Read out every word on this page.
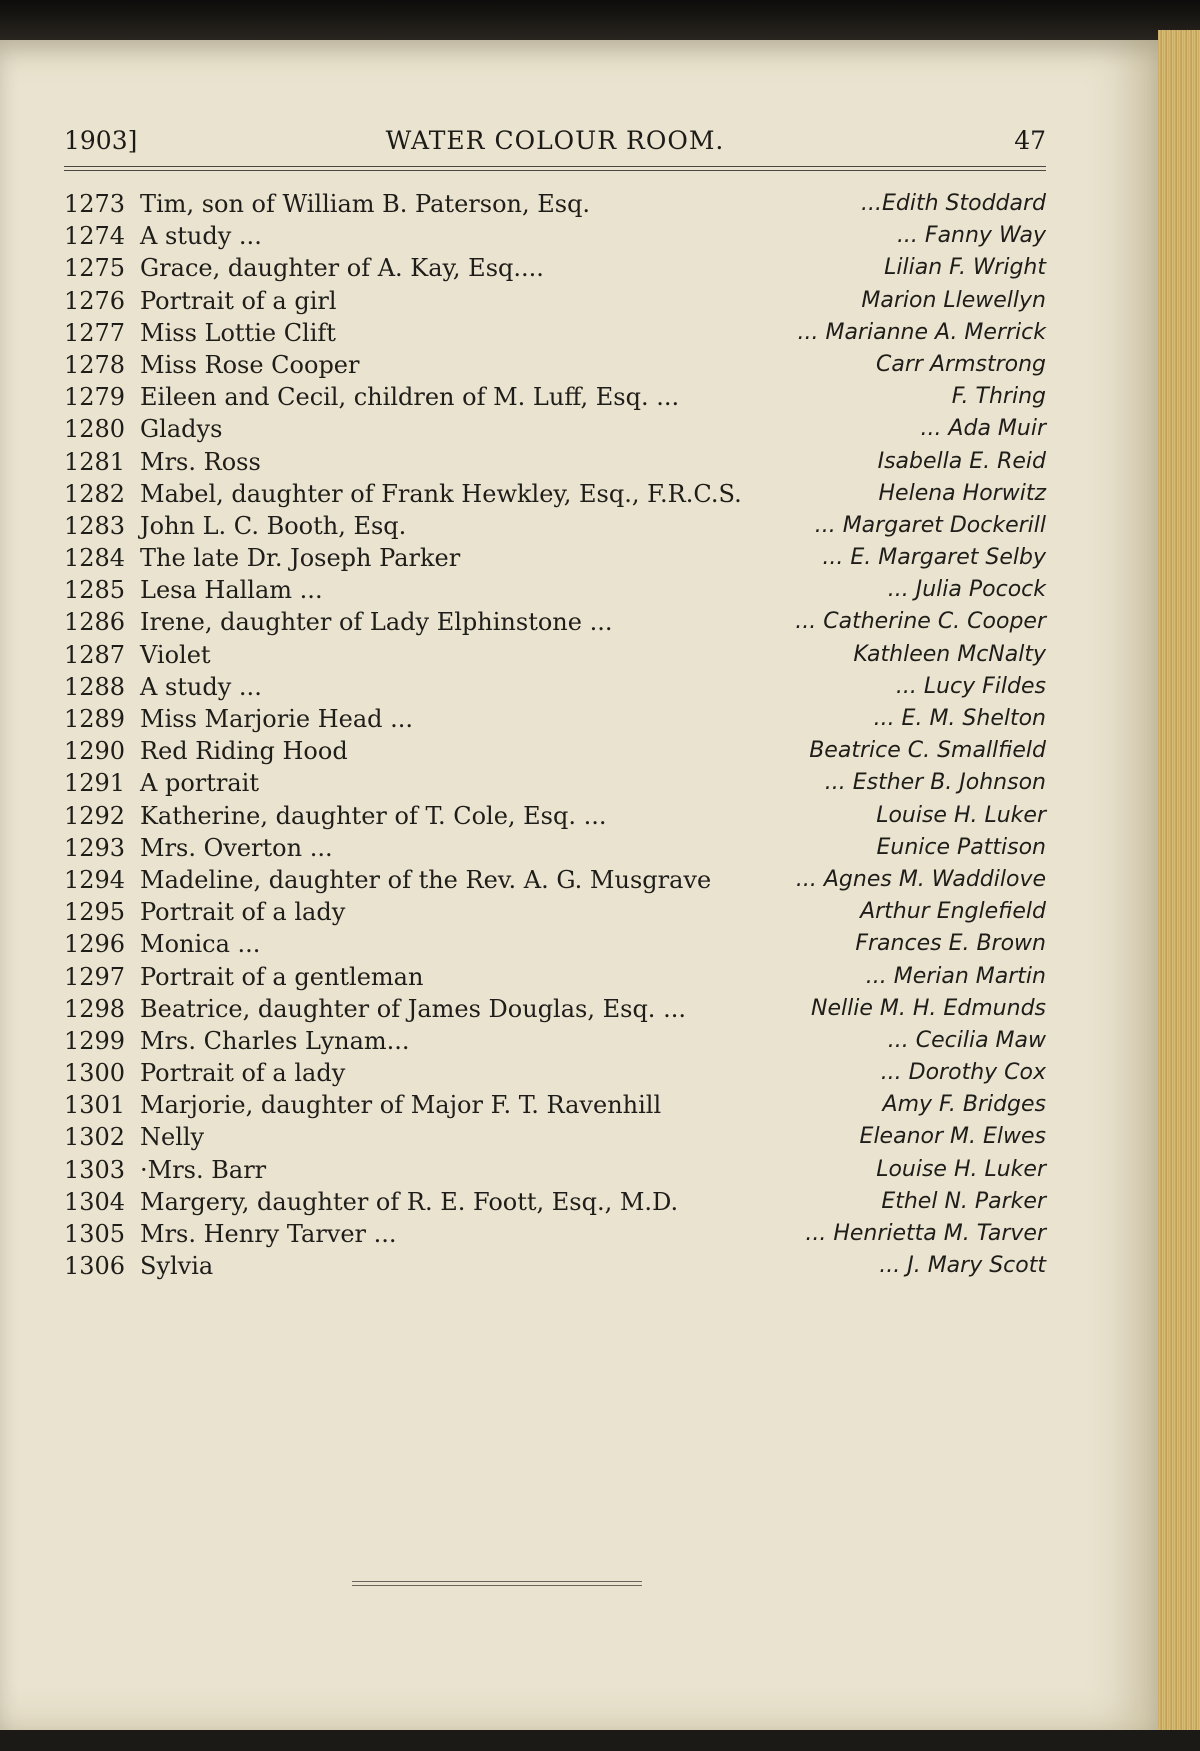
1903]	WATER COLOUR ROOM.	47
1273 Tim, son of William B. Paterson, Esq.	...Edith Stoddard
1274 A study ...	... Fanny Way
1275 Grace, daughter of A. Kay, Esq....	Lilian F. Wright
1276 Portrait of a girl	Marion Llewellyn
1277 Miss Lottie Clift	... Marianne A. Merrick
1278 Miss Rose Cooper	Carr Armstrong
1279 Eileen and Cecil, children of M. Luff, Esq. ...	F. Thring
1280 Gladys	... Ada Muir
1281 Mrs. Ross	Isabella E. Reid
1282 Mabel, daughter of Frank Hewkley, Esq., F.R.C.S.	Helena Horwitz
1283 John L. C. Booth, Esq.	... Margaret Dockerill
1284 The late Dr. Joseph Parker	... E. Margaret Selby
1285 Lesa Hallam ...	... Julia Pocock
1286 Irene, daughter of Lady Elphinstone ...	... Catherine C. Cooper
1287 Violet	Kathleen McNalty
1288 A study ...	... Lucy Fildes
1289 Miss Marjorie Head ...	... E. M. Shelton
1290 Red Riding Hood	Beatrice C. Smallfield
1291 A portrait	... Esther B. Johnson
1292 Katherine, daughter of T. Cole, Esq. ...	Louise H. Luker
1293 Mrs. Overton ...	Eunice Pattison
1294 Madeline, daughter of the Rev. A. G. Musgrave	... Agnes M. Waddilove
1295 Portrait of a lady	Arthur Englefield
1296 Monica ...	Frances E. Brown
1297 Portrait of a gentleman	... Merian Martin
1298 Beatrice, daughter of James Douglas, Esq. ...	Nellie M. H. Edmunds
1299 Mrs. Charles Lynam...	... Cecilia Maw
1300 Portrait of a lady	... Dorothy Cox
1301 Marjorie, daughter of Major F. T. Ravenhill	Amy F. Bridges
1302 Nelly	Eleanor M. Elwes
1303 ·Mrs. Barr	Louise H. Luker
1304 Margery, daughter of R. E. Foott, Esq., M.D.	Ethel N. Parker
1305 Mrs. Henry Tarver ...	... Henrietta M. Tarver
1306 Sylvia	... J. Mary Scott
